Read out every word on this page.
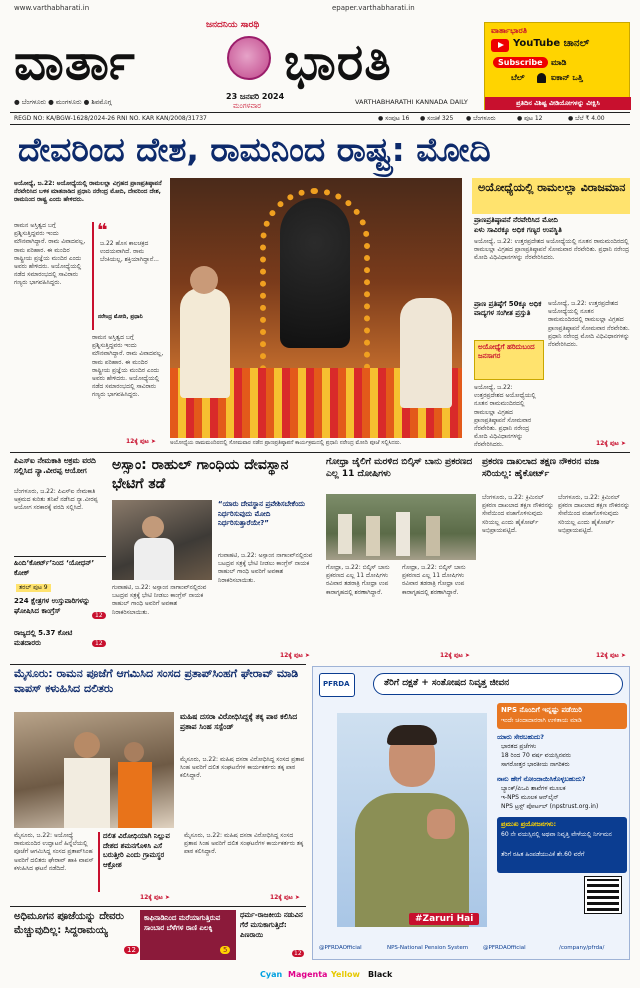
www.varthabharati.in	epaper.varthabharati.in
ಜನದನಿಯ ಸಾರಥಿ
ವಾರ್ತಾ	ಭಾರತಿ
23 ಜನವರಿ 2024
ಮಂಗಳವಾರ
● ಬೆಂಗಳೂರು ● ಮಂಗಳೂರು ● ಶಿವಮೊಗ್ಗ	VARTHABHARATHI KANNADA DAILY
ವಾರ್ತಾಭಾರತಿ
YouTube ಚಾನಲ್
Subscribe	ಮಾಡಿ
ಬೆಲ್	ಐಕಾನ್ ಒತ್ತಿ
ಪ್ರತಿದಿನ ವಿಶಿಷ್ಟ ವೀಡಿಯೋಗಳನ್ನು ವೀಕ್ಷಿಸಿ
REGD NO: KA/BGW-1628/2024-26 RNI NO. KAR KAN/2008/31737	● ಸಂಪುಟ 16 ● ಸಂಚಿಕೆ 325 ● ಬೆಂಗಳೂರು	● ಪುಟ 12	● ಬೆಲೆ ₹ 4.00
ದೇವರಿಂದ ದೇಶ, ರಾಮನಿಂದ ರಾಷ್ಟ್ರ: ಮೋದಿ
ಅಯೋಧ್ಯೆಯ ರಾಮಮಂದಿರದಲ್ಲಿ ಸೋಮವಾರ ನಡೆದ ಪ್ರಾಣಪ್ರತಿಷ್ಠಾಪನೆ ಕಾರ್ಯಕ್ರಮದಲ್ಲಿ ಪ್ರಧಾನಿ ನರೇಂದ್ರ ಮೋದಿ ಪೂಜೆ ಸಲ್ಲಿಸಿದರು.
ಅಯೋಧ್ಯೆ, ಜ.22: ಅಯೋಧ್ಯೆಯಲ್ಲಿ ರಾಮಲಲ್ಲಾ ವಿಗ್ರಹದ ಪ್ರಾಣಪ್ರತಿಷ್ಠಾಪನೆ ನೆರವೇರಿಸಿದ ಬಳಿಕ ಮಾತನಾಡಿದ ಪ್ರಧಾನಿ ನರೇಂದ್ರ ಮೋದಿ, ದೇವರಿಂದ ದೇಶ, ರಾಮನಿಂದ ರಾಷ್ಟ್ರ ಎಂದು ಹೇಳಿದರು.
❝
ಜ.22 ಹೊಸ ಕಾಲಚಕ್ರದ ಉದಯವಾಗಿದೆ. ರಾಮ ಬೆಂಕಿಯಲ್ಲ, ಶಕ್ತಿಯಾಗಿದ್ದಾನೆ...
ನರೇಂದ್ರ ಮೋದಿ, ಪ್ರಧಾನಿ
ರಾಮನ ಅಸ್ತಿತ್ವದ ಬಗ್ಗೆ ಪ್ರಶ್ನಿಸುತ್ತಿದ್ದವರು ಇಂದು ಮೌನವಾಗಿದ್ದಾರೆ. ರಾಮ ವಿವಾದವಲ್ಲ, ರಾಮ ಪರಿಹಾರ. ಈ ಮಂದಿರ ರಾಷ್ಟ್ರೀಯ ಪ್ರಜ್ಞೆಯ ಮಂದಿರ ಎಂದು ಅವರು ಹೇಳಿದರು. ಅಯೋಧ್ಯೆಯಲ್ಲಿ ನಡೆದ ಸಮಾರಂಭದಲ್ಲಿ ಸಾವಿರಾರು ಗಣ್ಯರು ಭಾಗವಹಿಸಿದ್ದರು.
ರಾಮನ ಅಸ್ತಿತ್ವದ ಬಗ್ಗೆ ಪ್ರಶ್ನಿಸುತ್ತಿದ್ದವರು ಇಂದು ಮೌನವಾಗಿದ್ದಾರೆ. ರಾಮ ವಿವಾದವಲ್ಲ, ರಾಮ ಪರಿಹಾರ. ಈ ಮಂದಿರ ರಾಷ್ಟ್ರೀಯ ಪ್ರಜ್ಞೆಯ ಮಂದಿರ ಎಂದು ಅವರು ಹೇಳಿದರು. ಅಯೋಧ್ಯೆಯಲ್ಲಿ ನಡೆದ ಸಮಾರಂಭದಲ್ಲಿ ಸಾವಿರಾರು ಗಣ್ಯರು ಭಾಗವಹಿಸಿದ್ದರು.
12ಕ್ಕೆ ಪುಟ ➤
ಅಯೋಧ್ಯೆಯಲ್ಲಿ ರಾಮಲಲ್ಲಾ ವಿರಾಜಮಾನ
ಪ್ರಾಣಪ್ರತಿಷ್ಠಾಪನೆ ನೆರವೇರಿಸಿದ ಮೋದಿ
ಏಳು ಸಾವಿರಕ್ಕೂ ಅಧಿಕ ಗಣ್ಯರ ಉಪಸ್ಥಿತಿ
ಅಯೋಧ್ಯೆ, ಜ.22: ಉತ್ತರಪ್ರದೇಶದ ಅಯೋಧ್ಯೆಯಲ್ಲಿ ನೂತನ ರಾಮಮಂದಿರದಲ್ಲಿ ರಾಮಲಲ್ಲಾ ವಿಗ್ರಹದ ಪ್ರಾಣಪ್ರತಿಷ್ಠಾಪನೆ ಸೋಮವಾರ ನೆರವೇರಿತು. ಪ್ರಧಾನಿ ನರೇಂದ್ರ ಮೋದಿ ವಿಧಿವಿಧಾನಗಳನ್ನು ನೆರವೇರಿಸಿದರು.
ಪ್ರಾಣ ಪ್ರತಿಷ್ಠೆಗೆ 50ಕ್ಕೂ ಅಧಿಕ ವಾದ್ಯಗಳ ಸಂಗೀತ ಪ್ರಸ್ತುತಿ
ಅಯೋಧ್ಯೆ, ಜ.22: ಉತ್ತರಪ್ರದೇಶದ ಅಯೋಧ್ಯೆಯಲ್ಲಿ ನೂತನ ರಾಮಮಂದಿರದಲ್ಲಿ ರಾಮಲಲ್ಲಾ ವಿಗ್ರಹದ ಪ್ರಾಣಪ್ರತಿಷ್ಠಾಪನೆ ಸೋಮವಾರ ನೆರವೇರಿತು. ಪ್ರಧಾನಿ ನರೇಂದ್ರ ಮೋದಿ ವಿಧಿವಿಧಾನಗಳನ್ನು ನೆರವೇರಿಸಿದರು.
ಅಯೋಧ್ಯೆಗೆ ಹರಿದುಬಂದ ಜನಸಾಗರ
ಅಯೋಧ್ಯೆ, ಜ.22: ಉತ್ತರಪ್ರದೇಶದ ಅಯೋಧ್ಯೆಯಲ್ಲಿ ನೂತನ ರಾಮಮಂದಿರದಲ್ಲಿ ರಾಮಲಲ್ಲಾ ವಿಗ್ರಹದ ಪ್ರಾಣಪ್ರತಿಷ್ಠಾಪನೆ ಸೋಮವಾರ ನೆರವೇರಿತು. ಪ್ರಧಾನಿ ನರೇಂದ್ರ ಮೋದಿ ವಿಧಿವಿಧಾನಗಳನ್ನು ನೆರವೇರಿಸಿದರು.	12ಕ್ಕೆ ಪುಟ ➤
ಪಿಎಸ್‌ಐ ನೇಮಕಾತಿ ಅಕ್ರಮ ವರದಿ ಸಲ್ಲಿಸಿದ ನ್ಯಾ.ವೀರಪ್ಪ ಆಯೋಗ
ಬೆಂಗಳೂರು, ಜ.22: ಪಿಎಸ್‌ಐ ನೇಮಕಾತಿ ಅಕ್ರಮದ ಕುರಿತು ತನಿಖೆ ನಡೆಸಿದ ನ್ಯಾ.ವೀರಪ್ಪ ಆಯೋಗ ಸರಕಾರಕ್ಕೆ ವರದಿ ಸಲ್ಲಿಸಿದೆ.
ಹಿಂದಿ‘ಕೋರ್ಟ್’ನಿಂದ ‘ಯೋಧನ್’ ಕೋಕ್
ತರಲ್ ಪುಟ 9
224 ಕ್ಷೇತ್ರಗಳ ಉಸ್ತುವಾರಿಗಳನ್ನು ಘೋಷಿಸಿದ ಕಾಂಗ್ರೆಸ್
12
ರಾಜ್ಯದಲ್ಲಿ 5.37 ಕೋಟಿ ಮತದಾರರು	12
ಅಸ್ಸಾಂ: ರಾಹುಲ್ ಗಾಂಧಿಯ ದೇವಸ್ಥಾನ ಭೇಟಿಗೆ ತಡೆ
“ಯಾರು ದೇವಸ್ಥಾನ ಪ್ರವೇಶಿಸಬೇಕೆಂದು ನಿರ್ಧರಿಸುವುದು ಮೋದಿ ನಿರ್ಧರಿಸುತ್ತಾರೆಯೇ?”
ಗುವಾಹಟಿ, ಜ.22: ಅಸ್ಸಾಂನ ನಾಗಾಂವ್‌ನಲ್ಲಿರುವ ಬಟದ್ರವ ಸತ್ರಕ್ಕೆ ಭೇಟಿ ನೀಡಲು ಕಾಂಗ್ರೆಸ್ ನಾಯಕ ರಾಹುಲ್ ಗಾಂಧಿ ಅವರಿಗೆ ಅವಕಾಶ ನಿರಾಕರಿಸಲಾಯಿತು.
ಗುವಾಹಟಿ, ಜ.22: ಅಸ್ಸಾಂನ ನಾಗಾಂವ್‌ನಲ್ಲಿರುವ ಬಟದ್ರವ ಸತ್ರಕ್ಕೆ ಭೇಟಿ ನೀಡಲು ಕಾಂಗ್ರೆಸ್ ನಾಯಕ ರಾಹುಲ್ ಗಾಂಧಿ ಅವರಿಗೆ ಅವಕಾಶ ನಿರಾಕರಿಸಲಾಯಿತು.
12ಕ್ಕೆ ಪುಟ ➤
ಗೋಧ್ರಾ ಜೈಲಿಗೆ ಮರಳಿದ ಬಿಲ್ಕಿಸ್ ಬಾನು ಪ್ರಕರಣದ ಎಲ್ಲ 11 ದೋಷಿಗಳು
ಗೋಧ್ರಾ, ಜ.22: ಬಿಲ್ಕಿಸ್ ಬಾನು ಪ್ರಕರಣದ ಎಲ್ಲ 11 ದೋಷಿಗಳು ರವಿವಾರ ತಡರಾತ್ರಿ ಗೋಧ್ರಾ ಉಪ ಕಾರಾಗೃಹದಲ್ಲಿ ಶರಣಾಗಿದ್ದಾರೆ.
ಗೋಧ್ರಾ, ಜ.22: ಬಿಲ್ಕಿಸ್ ಬಾನು ಪ್ರಕರಣದ ಎಲ್ಲ 11 ದೋಷಿಗಳು ರವಿವಾರ ತಡರಾತ್ರಿ ಗೋಧ್ರಾ ಉಪ ಕಾರಾಗೃಹದಲ್ಲಿ ಶರಣಾಗಿದ್ದಾರೆ.
12ಕ್ಕೆ ಪುಟ ➤
ಪ್ರಕರಣ ದಾಖಲಾದ ತಕ್ಷಣ ನೌಕರನ ವಜಾ ಸರಿಯಲ್ಲ: ಹೈಕೋರ್ಟ್
ಬೆಂಗಳೂರು, ಜ.22: ಕ್ರಿಮಿನಲ್ ಪ್ರಕರಣ ದಾಖಲಾದ ತಕ್ಷಣ ನೌಕರನನ್ನು ಸೇವೆಯಿಂದ ವಜಾಗೊಳಿಸುವುದು ಸರಿಯಲ್ಲ ಎಂದು ಹೈಕೋರ್ಟ್ ಅಭಿಪ್ರಾಯಪಟ್ಟಿದೆ.
ಬೆಂಗಳೂರು, ಜ.22: ಕ್ರಿಮಿನಲ್ ಪ್ರಕರಣ ದಾಖಲಾದ ತಕ್ಷಣ ನೌಕರನನ್ನು ಸೇವೆಯಿಂದ ವಜಾಗೊಳಿಸುವುದು ಸರಿಯಲ್ಲ ಎಂದು ಹೈಕೋರ್ಟ್ ಅಭಿಪ್ರಾಯಪಟ್ಟಿದೆ.
12ಕ್ಕೆ ಪುಟ ➤
ಮೈಸೂರು: ರಾಮನ ಪೂಜೆಗೆ ಆಗಮಿಸಿದ ಸಂಸದ ಪ್ರತಾಪ್‌ಸಿಂಹಗೆ ಘೇರಾವ್ ಮಾಡಿ ವಾಪಸ್ ಕಳುಹಿಸಿದ ದಲಿತರು
ಮಹಿಷ ದಸರಾ ವಿರೋಧಿಸಿದ್ದಕ್ಕೆ ತಕ್ಕ ಪಾಠ ಕಲಿಸಿದ ಪ್ರತಾಪ ಸಿಂಹ ಸಸ್ಪೆಂಡ್
ಮೈಸೂರು, ಜ.22: ಮಹಿಷ ದಸರಾ ವಿರೋಧಿಸಿದ್ದ ಸಂಸದ ಪ್ರತಾಪ ಸಿಂಹ ಅವರಿಗೆ ದಲಿತ ಸಂಘಟನೆಗಳ ಕಾರ್ಯಕರ್ತರು ತಕ್ಕ ಪಾಠ ಕಲಿಸಿದ್ದಾರೆ.
ಮೈಸೂರು, ಜ.22: ಅಯೋಧ್ಯೆ ರಾಮಮಂದಿರ ಉದ್ಘಾಟನೆ ಹಿನ್ನೆಲೆಯಲ್ಲಿ ಪೂಜೆಗೆ ಆಗಮಿಸಿದ್ದ ಸಂಸದ ಪ್ರತಾಪ್‌ಸಿಂಹ ಅವರಿಗೆ ದಲಿತರು ಘೇರಾವ್ ಹಾಕಿ ವಾಪಸ್ ಕಳುಹಿಸಿದ ಘಟನೆ ನಡೆದಿದೆ.
ದಲಿತ ವಿರೋಧಿಯಾಗಿ ನಿಲ್ಲುವ ದೇಶದ ಶಮನಗೊಳಿಸಿ ಎಸೆ ಬರುತ್ತೀರಿ ಎಂದು ಗ್ರಾಮಸ್ಥರ ಆಕ್ರೋಶ
ಮೈಸೂರು, ಜ.22: ಮಹಿಷ ದಸರಾ ವಿರೋಧಿಸಿದ್ದ ಸಂಸದ ಪ್ರತಾಪ ಸಿಂಹ ಅವರಿಗೆ ದಲಿತ ಸಂಘಟನೆಗಳ ಕಾರ್ಯಕರ್ತರು ತಕ್ಕ ಪಾಠ ಕಲಿಸಿದ್ದಾರೆ.
12ಕ್ಕೆ ಪುಟ ➤	12ಕ್ಕೆ ಪುಟ ➤
PFRDA	ತೆರಿಗೆ ದಕ್ಷತೆ + ಸಂತೋಷದ ನಿವೃತ್ತ ಜೀವನ
NPS ನೊಂದಿಗೆ ಇನ್ನಷ್ಟು ಪಡೆಯಿರಿ
ಇಂದೇ ಚಂದಾದಾರರಾಗಿ ಉಳಿತಾಯ ಮಾಡಿ
ಯಾರು ಸೇರಬಹುದು?
ಭಾರತದ ಪ್ರಜೆಗಳು
18 ರಿಂದ 70 ವರ್ಷ ವಯಸ್ಸಿನವರು
ಸಾಗರೋತ್ತರ ಭಾರತೀಯ ನಾಗರಿಕರು
ನಾನು ಹೇಗೆ ನೋಂದಾಯಿಸಿಕೊಳ್ಳಬಹುದು?
ಬ್ಯಾಂಕ್/ಪಿಒಪಿ ಶಾಖೆಗಳ ಮೂಲಕ
ಇ-NPS ಮೂಲಕ ಆನ್‌ಲೈನ್
NPS ಟ್ರಸ್ಟ್ ಪೋರ್ಟಲ್ (npstrust.org.in)
ಪ್ರಮುಖ ಪ್ರಯೋಜನಗಳು:
60 ನೇ ವಯಸ್ಸಿನಲ್ಲಿ ಅಥವಾ ನಿವೃತ್ತಿ ವೇಳೆಯಲ್ಲಿ ನಿರ್ಗಮನ
ತೆರಿಗೆ ರಹಿತ ಹಿಂಪಡೆಯುವಿಕೆ ಶೇ.60 ವರೆಗೆ
#Zaruri Hai
@PFRDAOfficial	NPS-National Pension System	@PFRDAOfficial	/company/pfrda/
ಅಧಿಮೂಗನ ಪೂಜೆಯನ್ನು ದೇವರು ಮೆಚ್ಚುವುದಿಲ್ಲ: ಸಿದ್ದರಾಮಯ್ಯ
12
ಕಾಫಿನಾಡಿನಿಂದ ಮರೆಯಾಗುತ್ತಿರುವ ಸಾಂಬಾರ ಬೆಳೆಗಳ ರಾಣಿ ಏಲಕ್ಕಿ
5
ಧರ್ಮ-ರಾಜಕೀಯ ನಡುವಿನ ಗೆರೆ ಮಸುಕಾಗುತ್ತಿದೆ: ಪಿಣರಾಯಿ
12
Cyan Magenta Yellow Black
